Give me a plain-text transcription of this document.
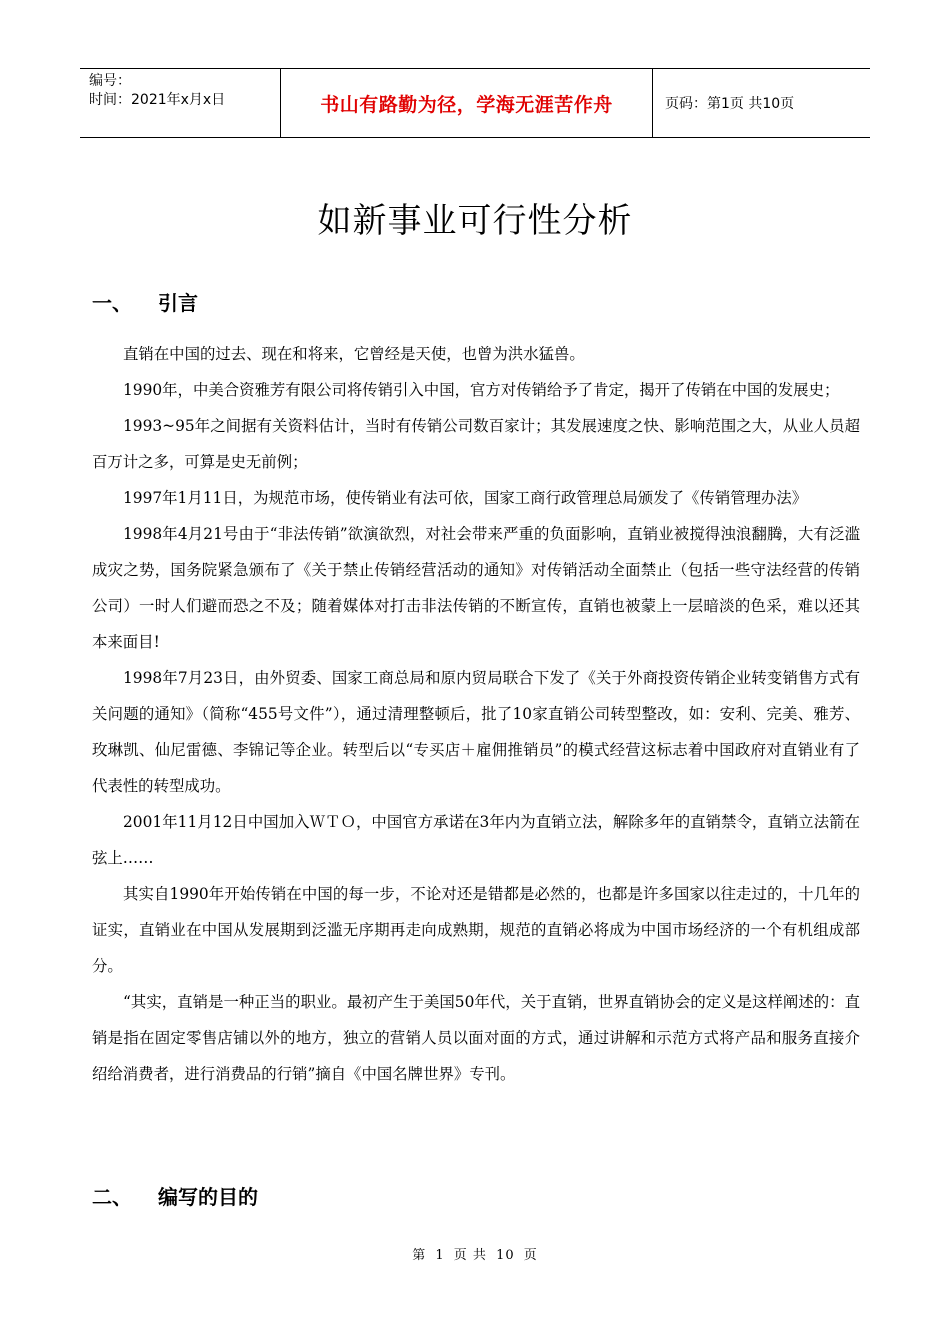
编号：
时间：2021年x月x日	书山有路勤为径，学海无涯苦作舟	页码：第1页 共10页
如新事业可行性分析
一、 引言

直销在中国的过去、现在和将来，它曾经是天使，也曾为洪水猛兽。

1990年，中美合资雅芳有限公司将传销引入中国，官方对传销给予了肯定，揭开了传销在中国的发展史；

1993~95年之间据有关资料估计，当时有传销公司数百家计；其发展速度之快、影响范围之大，从业人员超百万计之多，可算是史无前例；

1997年1月11日，为规范市场，使传销业有法可依，国家工商行政管理总局颁发了《传销管理办法》

1998年4月21号由于“非法传销”欲演欲烈，对社会带来严重的负面影响，直销业被搅得浊浪翻腾，大有泛滥成灾之势，国务院紧急颁布了《关于禁止传销经营活动的通知》对传销活动全面禁止（包括一些守法经营的传销公司）一时人们避而恐之不及；随着媒体对打击非法传销的不断宣传，直销也被蒙上一层暗淡的色采，难以还其本来面目!

1998年7月23日，由外贸委、国家工商总局和原内贸局联合下发了《关于外商投资传销企业转变销售方式有关问题的通知》（简称“455号文件”），通过清理整顿后，批了10家直销公司转型整改，如：安利、完美、雅芳、玫琳凯、仙尼雷德、李锦记等企业。转型后以“专买店＋雇佣推销员”的模式经营这标志着中国政府对直销业有了代表性的转型成功。

2001年11月12日中国加入ＷＴＯ，中国官方承诺在3年内为直销立法，解除多年的直销禁令，直销立法箭在弦上……

其实自1990年开始传销在中国的每一步，不论对还是错都是必然的，也都是许多国家以往走过的，十几年的证实，直销业在中国从发展期到泛滥无序期再走向成熟期，规范的直销必将成为中国市场经济的一个有机组成部分。

“其实，直销是一种正当的职业。最初产生于美国50年代，关于直销，世界直销协会的定义是这样阐述的：直销是指在固定零售店铺以外的地方，独立的营销人员以面对面的方式，通过讲解和示范方式将产品和服务直接介绍给消费者，进行消费品的行销”摘自《中国名牌世界》专刊。

二、 编写的目的
第 1 页 共 10 页
